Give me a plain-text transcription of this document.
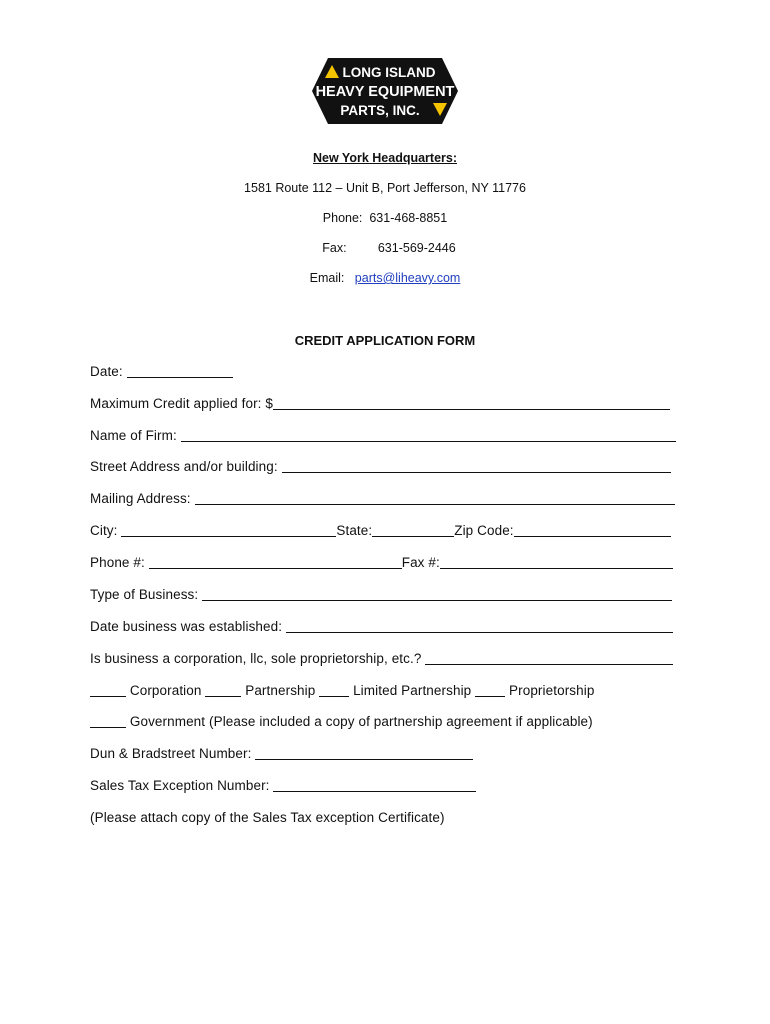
LONG ISLAND
HEAVY EQUIPMENT
PARTS, INC.
New York Headquarters:
1581 Route 112 – Unit B, Port Jefferson, NY 11776
Phone: 631-468-8851
Fax:	631-569-2446
Email: parts@liheavy.com
CREDIT APPLICATION FORM
Date:
Maximum Credit applied for: $
Name of Firm:
Street Address and/or building:
Mailing Address:
City:	State:	Zip Code:
Phone #:	Fax #:
Type of Business:
Date business was established:
Is business a corporation, llc, sole proprietorship, etc.?
Corporation	Partnership	Limited Partnership	Proprietorship
Government (Please included a copy of partnership agreement if applicable)
Dun & Bradstreet Number:
Sales Tax Exception Number:
(Please attach copy of the Sales Tax exception Certificate)
